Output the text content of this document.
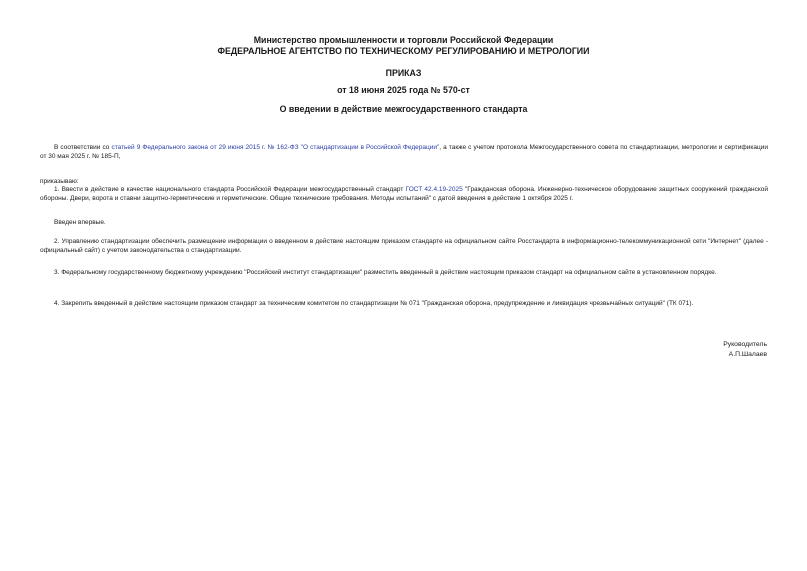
Министерство промышленности и торговли Российской Федерации
ФЕДЕРАЛЬНОЕ АГЕНТСТВО ПО ТЕХНИЧЕСКОМУ РЕГУЛИРОВАНИЮ И МЕТРОЛОГИИ
ПРИКАЗ
от 18 июня 2025 года № 570-ст
О введении в действие межгосударственного стандарта
В соответствии со статьей 9 Федерального закона от 29 июня 2015 г. № 162-ФЗ "О стандартизации в Российской Федерации", а также с учетом протокола Межгосударственного совета по стандартизации, метрологии и сертификации от 30 мая 2025 г. № 185-П,
приказываю:
1. Ввести в действие в качестве национального стандарта Российской Федерации межгосударственный стандарт ГОСТ 42.4.19-2025 "Гражданская оборона. Инженерно-техническое оборудование защитных сооружений гражданской обороны. Двери, ворота и ставни защитно-герметические и герметические. Общие технические требования. Методы испытаний" с датой введения в действие 1 октября 2025 г.
Введен впервые.
2. Управлению стандартизации обеспечить размещение информации о введенном в действие настоящим приказом стандарте на официальном сайте Росстандарта в информационно-телекоммуникационной сети "Интернет" (далее - официальный сайт) с учетом законодательства о стандартизации.
3. Федеральному государственному бюджетному учреждению "Российский институт стандартизации" разместить введенный в действие настоящим приказом стандарт на официальном сайте в установленном порядке.
4. Закрепить введенный в действие настоящим приказом стандарт за техническим комитетом по стандартизации № 071 "Гражданская оборона, предупреждение и ликвидация чрезвычайных ситуаций" (ТК 071).
Руководитель
А.П.Шалаев
